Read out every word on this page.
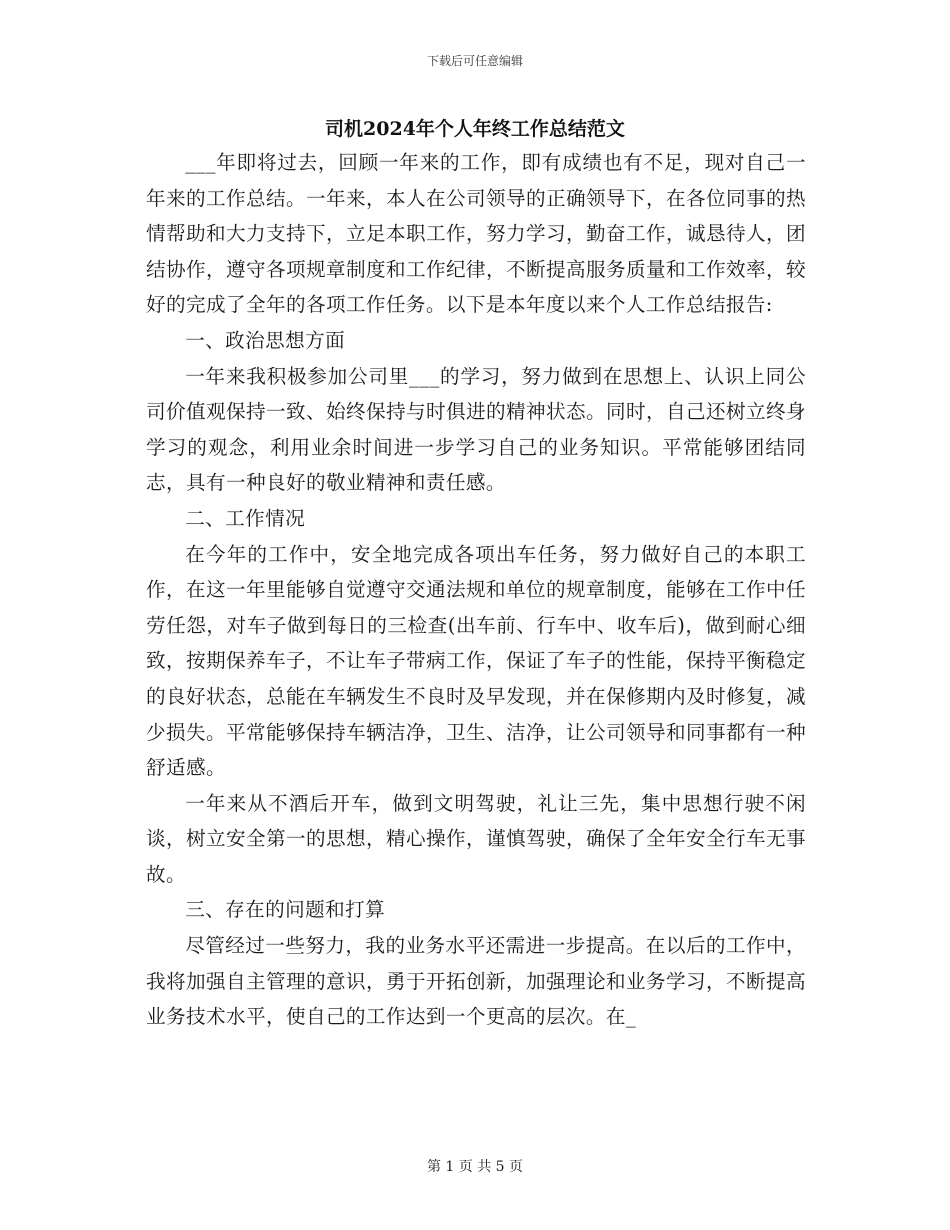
下载后可任意编辑
司机2024年个人年终工作总结范文

___年即将过去，回顾一年来的工作，即有成绩也有不足，现对自己一年来的工作总结。一年来，本人在公司领导的正确领导下，在各位同事的热情帮助和大力支持下，立足本职工作，努力学习，勤奋工作，诚恳待人，团结协作，遵守各项规章制度和工作纪律，不断提高服务质量和工作效率，较好的完成了全年的各项工作任务。以下是本年度以来个人工作总结报告:

一、政治思想方面

一年来我积极参加公司里___的学习，努力做到在思想上、认识上同公司价值观保持一致、始终保持与时俱进的精神状态。同时，自己还树立终身学习的观念，利用业余时间进一步学习自己的业务知识。平常能够团结同志，具有一种良好的敬业精神和责任感。

二、工作情况

在今年的工作中，安全地完成各项出车任务，努力做好自己的本职工作，在这一年里能够自觉遵守交通法规和单位的规章制度，能够在工作中任劳任怨，对车子做到每日的三检查(出车前、行车中、收车后)，做到耐心细致，按期保养车子，不让车子带病工作，保证了车子的性能，保持平衡稳定的良好状态，总能在车辆发生不良时及早发现，并在保修期内及时修复，减少损失。平常能够保持车辆洁净，卫生、洁净，让公司领导和同事都有一种舒适感。

一年来从不酒后开车，做到文明驾驶，礼让三先，集中思想行驶不闲谈，树立安全第一的思想，精心操作，谨慎驾驶，确保了全年安全行车无事故。

三、存在的问题和打算

尽管经过一些努力，我的业务水平还需进一步提高。在以后的工作中，我将加强自主管理的意识，勇于开拓创新，加强理论和业务学习，不断提高业务技术水平，使自己的工作达到一个更高的层次。在_

第 1 页 共 5 页
